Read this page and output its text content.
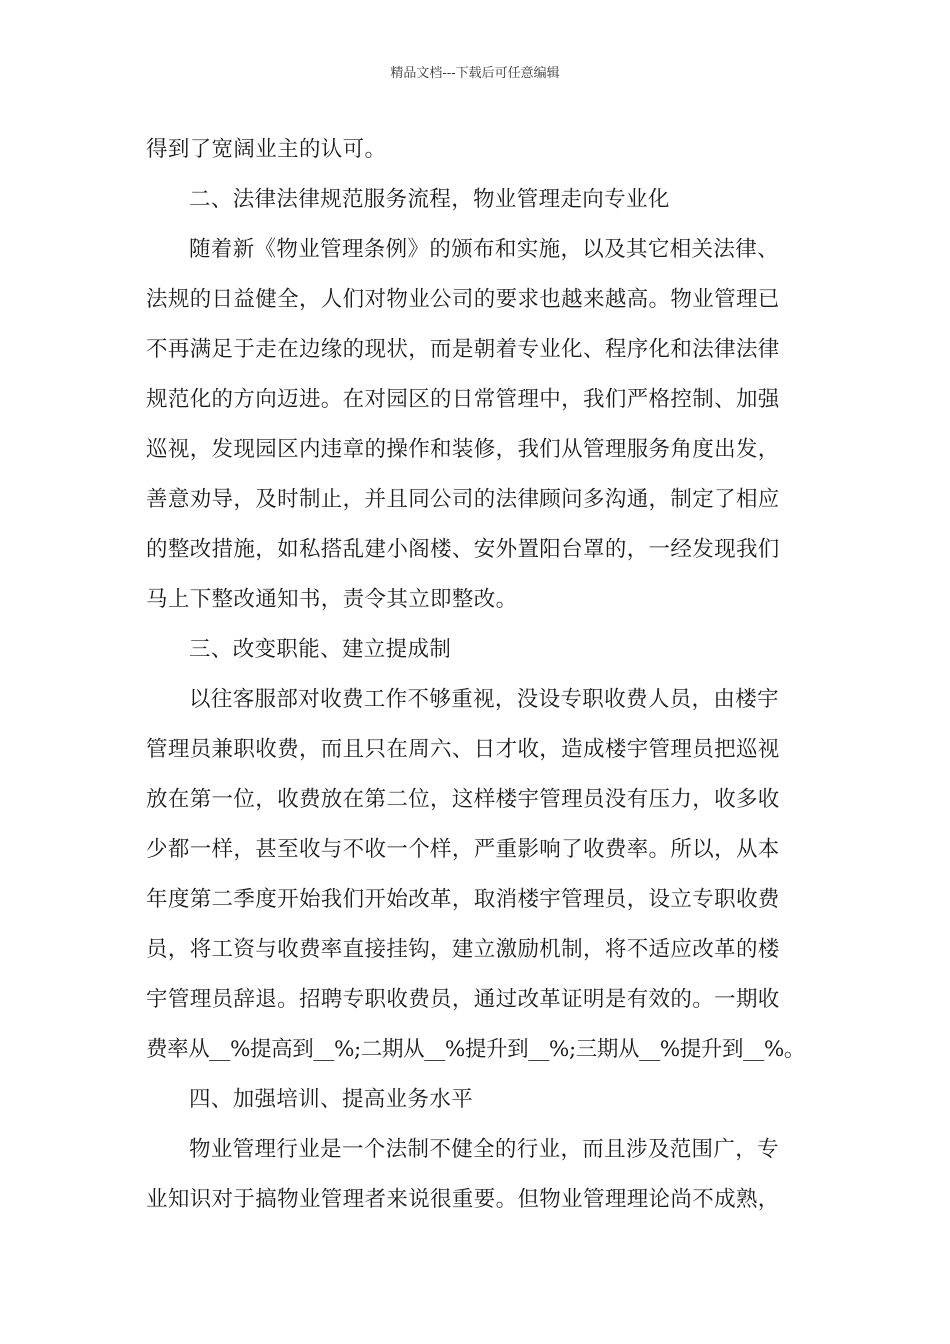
精品文档---下载后可任意编辑
得到了宽阔业主的认可。
二、法律法律规范服务流程，物业管理走向专业化
随着新《物业管理条例》的颁布和实施，以及其它相关法律、
法规的日益健全，人们对物业公司的要求也越来越高。物业管理已
不再满足于走在边缘的现状，而是朝着专业化、程序化和法律法律
规范化的方向迈进。在对园区的日常管理中，我们严格控制、加强
巡视，发现园区内违章的操作和装修，我们从管理服务角度出发，
善意劝导，及时制止，并且同公司的法律顾问多沟通，制定了相应
的整改措施，如私搭乱建小阁楼、安外置阳台罩的，一经发现我们
马上下整改通知书，责令其立即整改。
三、改变职能、建立提成制
以往客服部对收费工作不够重视，没设专职收费人员，由楼宇
管理员兼职收费，而且只在周六、日才收，造成楼宇管理员把巡视
放在第一位，收费放在第二位，这样楼宇管理员没有压力，收多收
少都一样，甚至收与不收一个样，严重影响了收费率。所以，从本
年度第二季度开始我们开始改革，取消楼宇管理员，设立专职收费
员，将工资与收费率直接挂钩，建立激励机制，将不适应改革的楼
宇管理员辞退。招聘专职收费员，通过改革证明是有效的。一期收
费率从__%提高到__%;二期从__%提升到__%;三期从__%提升到__%。
四、加强培训、提高业务水平
物业管理行业是一个法制不健全的行业，而且涉及范围广，专
业知识对于搞物业管理者来说很重要。但物业管理理论尚不成熟，
